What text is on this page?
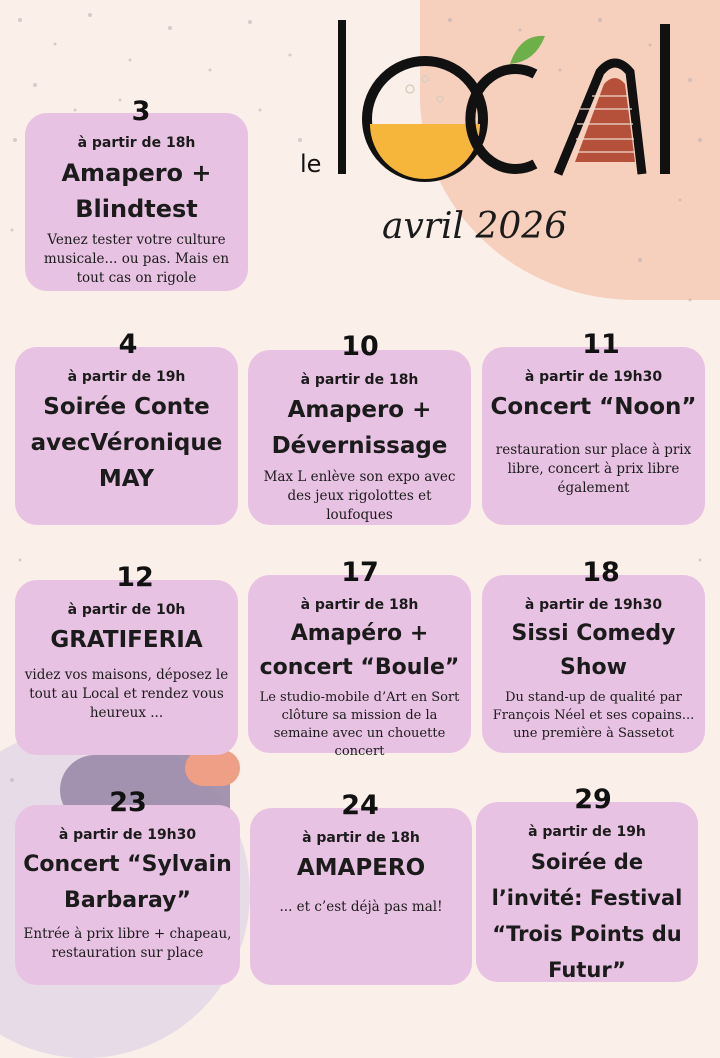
le
avril 2026
à partir de 18h
Amapero + Blindtest
Venez tester votre culture musicale... ou pas. Mais en tout cas on rigole
3
à partir de 19h
Soirée Conte avecVéronique MAY
4
à partir de 18h
Amapero + Dévernissage
Max L enlève son expo avec des jeux rigolottes et loufoques
10
à partir de 19h30
Concert “Noon”
restauration sur place à prix libre, concert à prix libre également
11
à partir de 10h
GRATIFERIA
videz vos maisons, déposez le tout au Local et rendez vous heureux ...
12
à partir de 18h
Amapéro + concert “Boule”
Le studio-mobile d’Art en Sort clôture sa mission de la semaine avec un chouette concert
17
à partir de 19h30
Sissi Comedy Show
Du stand-up de qualité par François Néel et ses copains... une première à Sassetot
18
à partir de 19h30
Concert “Sylvain Barbaray”
Entrée à prix libre + chapeau, restauration sur place
23
à partir de 18h
AMAPERO
... et c’est déjà pas mal!
24
à partir de 19h
Soirée de l’invité: Festival “Trois Points du Futur”
29
